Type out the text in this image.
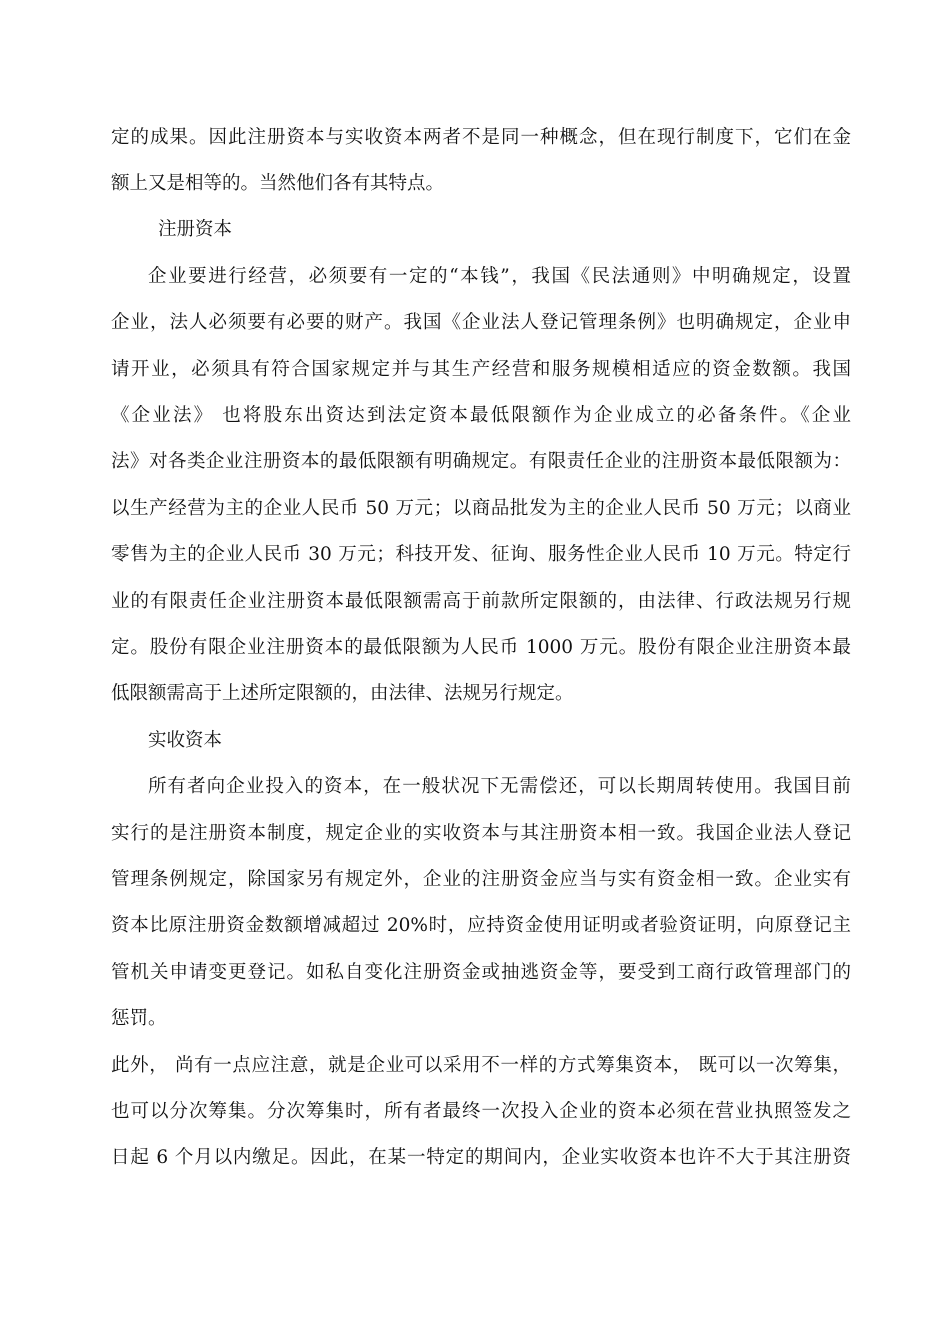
定的成果。因此注册资本与实收资本两者不是同一种概念，但在现行制度下，它们在金
额上又是相等的。当然他们各有其特点。
注册资本
企业要进行经营，必须要有一定的“本钱”，我国《民法通则》中明确规定，设置
企业，法人必须要有必要的财产。我国《企业法人登记管理条例》也明确规定，企业申
请开业，必须具有符合国家规定并与其生产经营和服务规模相适应的资金数额。我国
《企业法》 也将股东出资达到法定资本最低限额作为企业成立的必备条件。《企业
法》对各类企业注册资本的最低限额有明确规定。有限责任企业的注册资本最低限额为：
以生产经营为主的企业人民币 50 万元；以商品批发为主的企业人民币 50 万元；以商业
零售为主的企业人民币 30 万元；科技开发、征询、服务性企业人民币 10 万元。特定行
业的有限责任企业注册资本最低限额需高于前款所定限额的，由法律、行政法规另行规
定。股份有限企业注册资本的最低限额为人民币 1000 万元。股份有限企业注册资本最
低限额需高于上述所定限额的，由法律、法规另行规定。
实收资本
所有者向企业投入的资本，在一般状况下无需偿还，可以长期周转使用。我国目前
实行的是注册资本制度，规定企业的实收资本与其注册资本相一致。我国企业法人登记
管理条例规定，除国家另有规定外，企业的注册资金应当与实有资金相一致。企业实有
资本比原注册资金数额增减超过 20%时，应持资金使用证明或者验资证明，向原登记主
管机关申请变更登记。如私自变化注册资金或抽逃资金等，要受到工商行政管理部门的
惩罚。
此外， 尚有一点应注意，就是企业可以采用不一样的方式筹集资本， 既可以一次筹集，
也可以分次筹集。分次筹集时，所有者最终一次投入企业的资本必须在营业执照签发之
日起 6 个月以内缴足。因此，在某一特定的期间内，企业实收资本也许不大于其注册资
